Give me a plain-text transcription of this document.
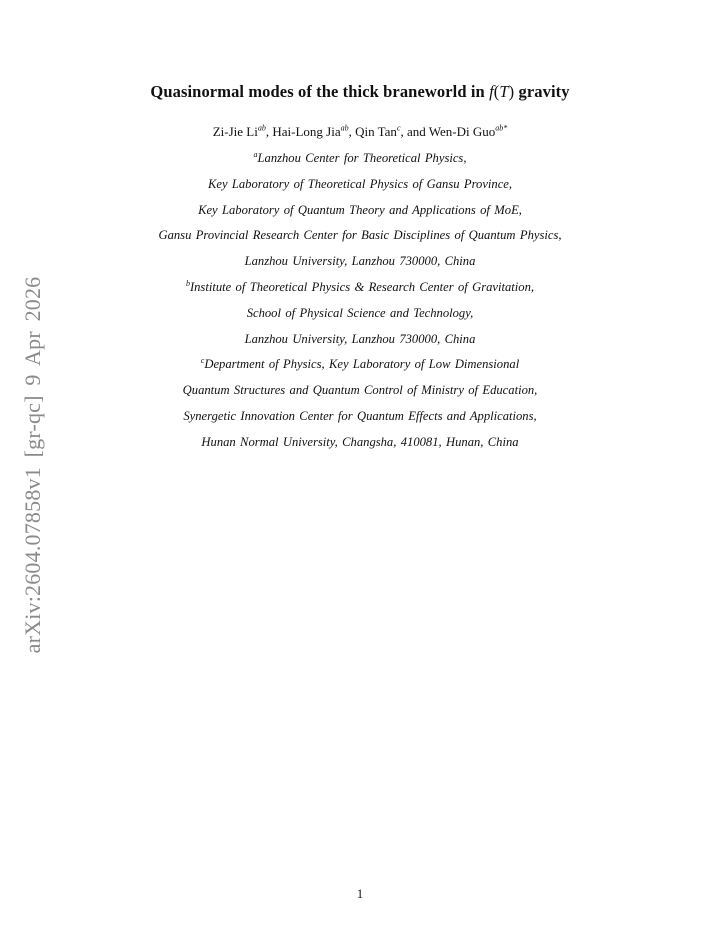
arXiv:2604.07858v1 [gr-qc] 9 Apr 2026
Quasinormal modes of the thick braneworld in f(T) gravity
Zi-Jie $Li^{ab}$, Hai-Long Jia$^{ab}$, Qin Tan$^c$, and Wen-Di Guo$^{ab*}$
$^a$Lanzhou Center for Theoretical Physics,
Key Laboratory of Theoretical Physics of Gansu Province,
Key Laboratory of Quantum Theory and Applications of MoE,
Gansu Provincial Research Center for Basic Disciplines of Quantum Physics,
Lanzhou University, Lanzhou 730000, China
$^b$Institute of Theoretical Physics & Research Center of Gravitation,
School of Physical Science and Technology,
Lanzhou University, Lanzhou 730000, China
$^c$Department of Physics, Key Laboratory of Low Dimensional
Quantum Structures and Quantum Control of Ministry of Education,
Synergetic Innovation Center for Quantum Effects and Applications,
Hunan Normal University, Changsha, 410081, Hunan, China
1
